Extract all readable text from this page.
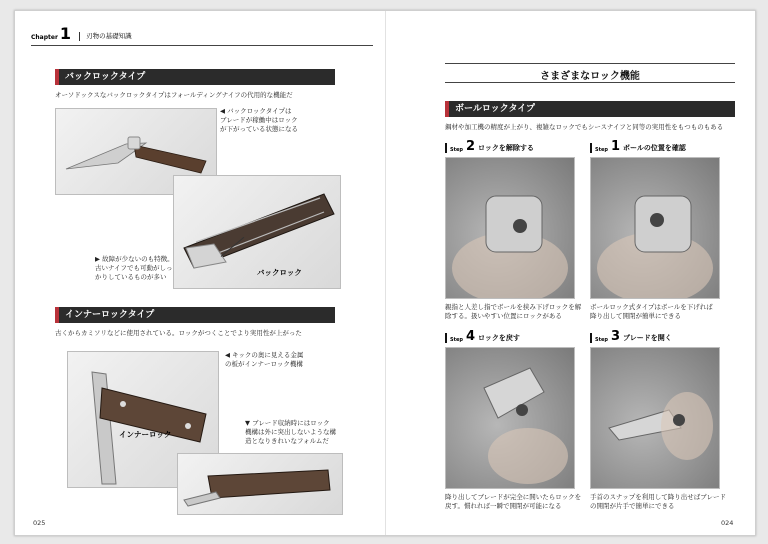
Chapter 1	刃物の基礎知識
バックロックタイプ
オーソドックスなバックロックタイプはフォールディングナイフの代用的な機能だ
◀ バックロックタイプは
ブレードが稼働中はロック
が下がっている状態になる
▶ 故障が少ないのも特徴。
古いナイフでも可動がしっ
かりしているものが多い	バックロック
インナーロックタイプ
古くからカミソリなどに使用されている。ロックがつくことでより実用性が上がった
◀ キックの奥に見える金属
の板がインナーロック機構
インナーロック
▼ ブレード収納時にはロック
機構は外に突出しないような構
造となりきれいなフォルムだ
025
さまざまなロック機能
ボールロックタイプ
鋼材や加工機の精度が上がり、複雑なロックでもシースナイフと同等の実用性をもつものもある
Step 2 ロックを解除する
親指と人差し指でボールを挟み下げロックを解
除する。扱いやすい位置にロックがある
Step 1 ボールの位置を確認
ボールロック式タイプはボールを下げれば
降り出して開閉が簡単にできる
Step 4 ロックを戻す
降り出してブレードが完全に開いたらロックを
戻す。慣れれば一瞬で開閉が可能になる
Step 3 ブレードを開く
手首のスナップを利用して降り出せばブレード
の開閉が片手で簡単にできる
024
